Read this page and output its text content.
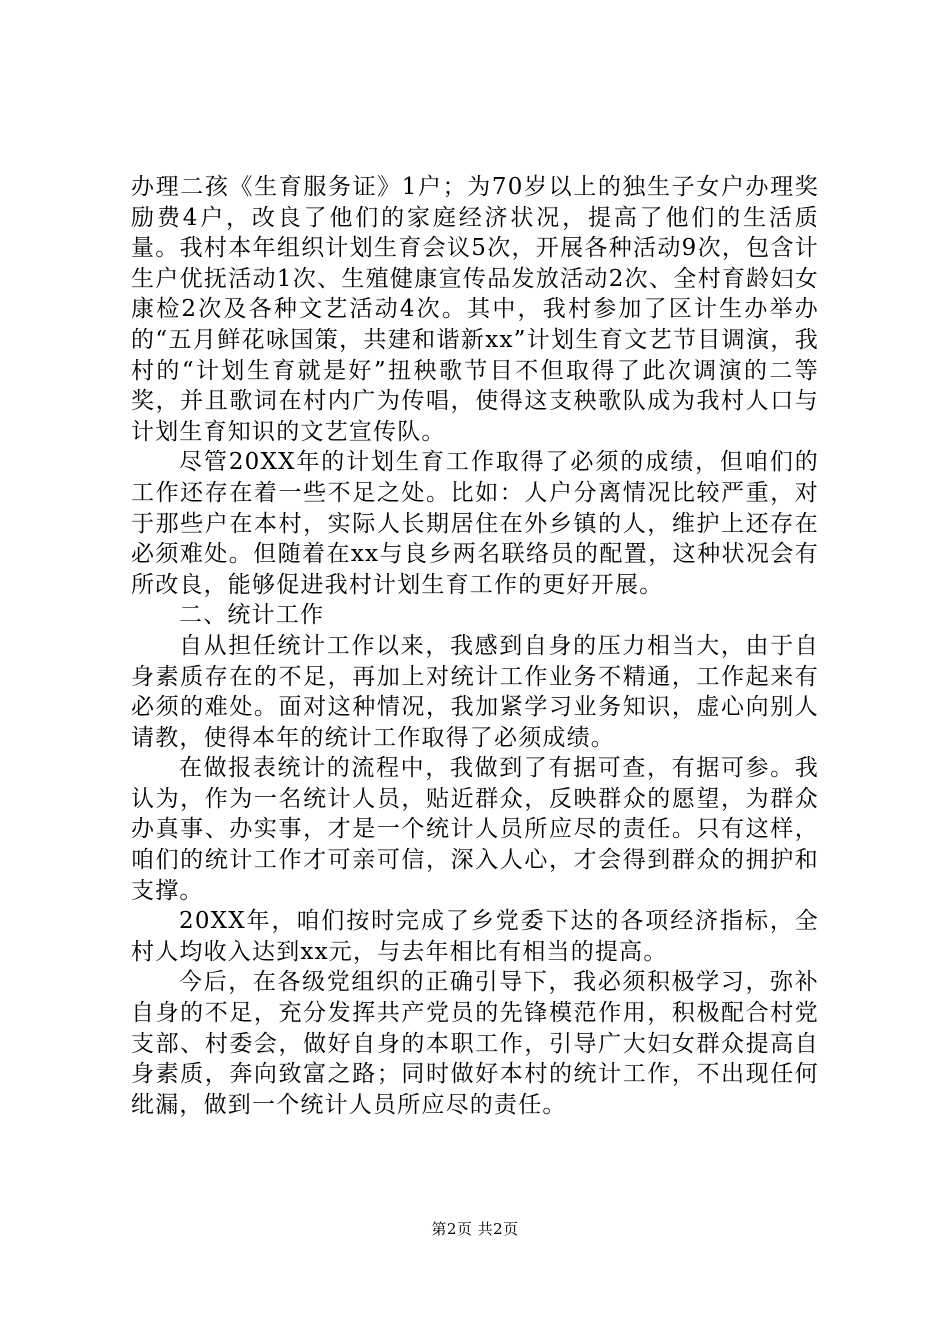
办理二孩《生育服务证》1户；为70岁以上的独生子女户办理奖励费4户，改良了他们的家庭经济状况，提高了他们的生活质量。我村本年组织计划生育会议5次，开展各种活动9次，包含计生户优抚活动1次、生殖健康宣传品发放活动2次、全村育龄妇女康检2次及各种文艺活动4次。其中，我村参加了区计生办举办的“五月鲜花咏国策，共建和谐新xx”计划生育文艺节目调演，我村的“计划生育就是好”扭秧歌节目不但取得了此次调演的二等奖，并且歌词在村内广为传唱，使得这支秧歌队成为我村人口与计划生育知识的文艺宣传队。

尽管20XX年的计划生育工作取得了必须的成绩，但咱们的工作还存在着一些不足之处。比如：人户分离情况比较严重，对于那些户在本村，实际人长期居住在外乡镇的人，维护上还存在必须难处。但随着在xx与良乡两名联络员的配置，这种状况会有所改良，能够促进我村计划生育工作的更好开展。

二、统计工作

自从担任统计工作以来，我感到自身的压力相当大，由于自身素质存在的不足，再加上对统计工作业务不精通，工作起来有必须的难处。面对这种情况，我加紧学习业务知识，虚心向别人请教，使得本年的统计工作取得了必须成绩。

在做报表统计的流程中，我做到了有据可查，有据可参。我认为，作为一名统计人员，贴近群众，反映群众的愿望，为群众办真事、办实事，才是一个统计人员所应尽的责任。只有这样，咱们的统计工作才可亲可信，深入人心，才会得到群众的拥护和支撑。

20XX年，咱们按时完成了乡党委下达的各项经济指标，全村人均收入达到xx元，与去年相比有相当的提高。

今后，在各级党组织的正确引导下，我必须积极学习，弥补自身的不足，充分发挥共产党员的先锋模范作用，积极配合村党支部、村委会，做好自身的本职工作，引导广大妇女群众提高自身素质，奔向致富之路；同时做好本村的统计工作，不出现任何纰漏，做到一个统计人员所应尽的责任。

第2页 共2页
